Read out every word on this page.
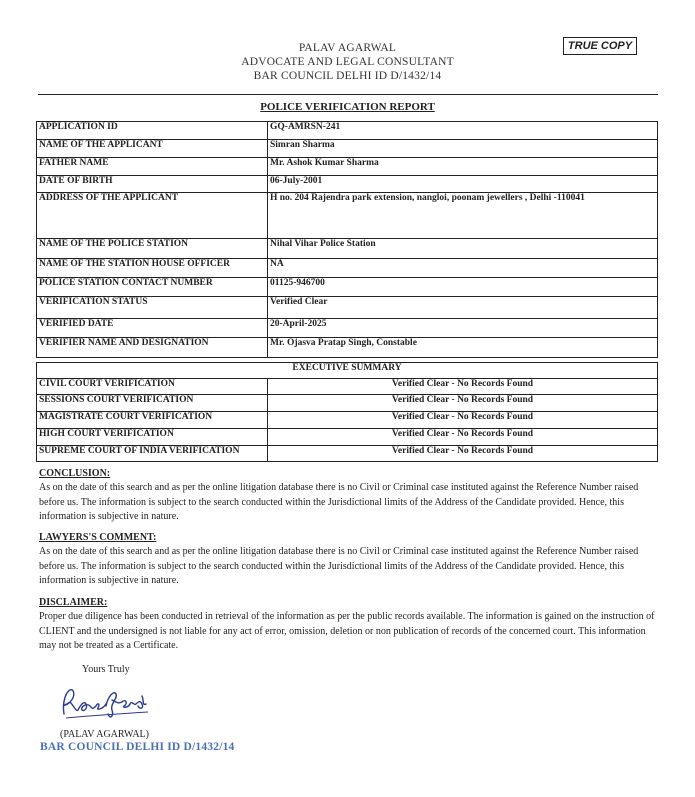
TRUE COPY
PALAV AGARWAL
ADVOCATE AND LEGAL CONSULTANT
BAR COUNCIL DELHI ID D/1432/14
POLICE VERIFICATION REPORT
APPLICATION ID	GQ-AMRSN-241
NAME OF THE APPLICANT	Simran Sharma
FATHER NAME	Mr. Ashok Kumar Sharma
DATE OF BIRTH	06-July-2001
ADDRESS OF THE APPLICANT	H no. 204 Rajendra park extension, nangloi, poonam jewellers , Delhi -110041
NAME OF THE POLICE STATION	Nihal Vihar Police Station
NAME OF THE STATION HOUSE OFFICER	NA
POLICE STATION CONTACT NUMBER	01125-946700
VERIFICATION STATUS	Verified Clear
VERIFIED DATE	20-April-2025
VERIFIER NAME AND DESIGNATION	Mr. Ojasva Pratap Singh, Constable
EXECUTIVE SUMMARY	
CIVIL COURT VERIFICATION	Verified Clear - No Records Found
SESSIONS COURT VERIFICATION	Verified Clear - No Records Found
MAGISTRATE COURT VERIFICATION	Verified Clear - No Records Found
HIGH COURT VERIFICATION	Verified Clear - No Records Found
SUPREME COURT OF INDIA VERIFICATION	Verified Clear - No Records Found
CONCLUSION:
As on the date of this search and as per the online litigation database there is no Civil or Criminal case instituted against the Reference Number raised before us. The information is subject to the search conducted within the Jurisdictional limits of the Address of the Candidate provided. Hence, this information is subjective in nature.
LAWYERS'S COMMENT:
As on the date of this search and as per the online litigation database there is no Civil or Criminal case instituted against the Reference Number raised before us. The information is subject to the search conducted within the Jurisdictional limits of the Address of the Candidate provided. Hence, this information is subjective in nature.
DISCLAIMER:
Proper due diligence has been conducted in retrieval of the information as per the public records available. The information is gained on the instruction of CLIENT and the undersigned is not liable for any act of error, omission, deletion or non publication of records of the concerned court. This information may not be treated as a Certificate.
Yours Truly
(PALAV AGARWAL)
BAR COUNCIL DELHI ID D/1432/14
